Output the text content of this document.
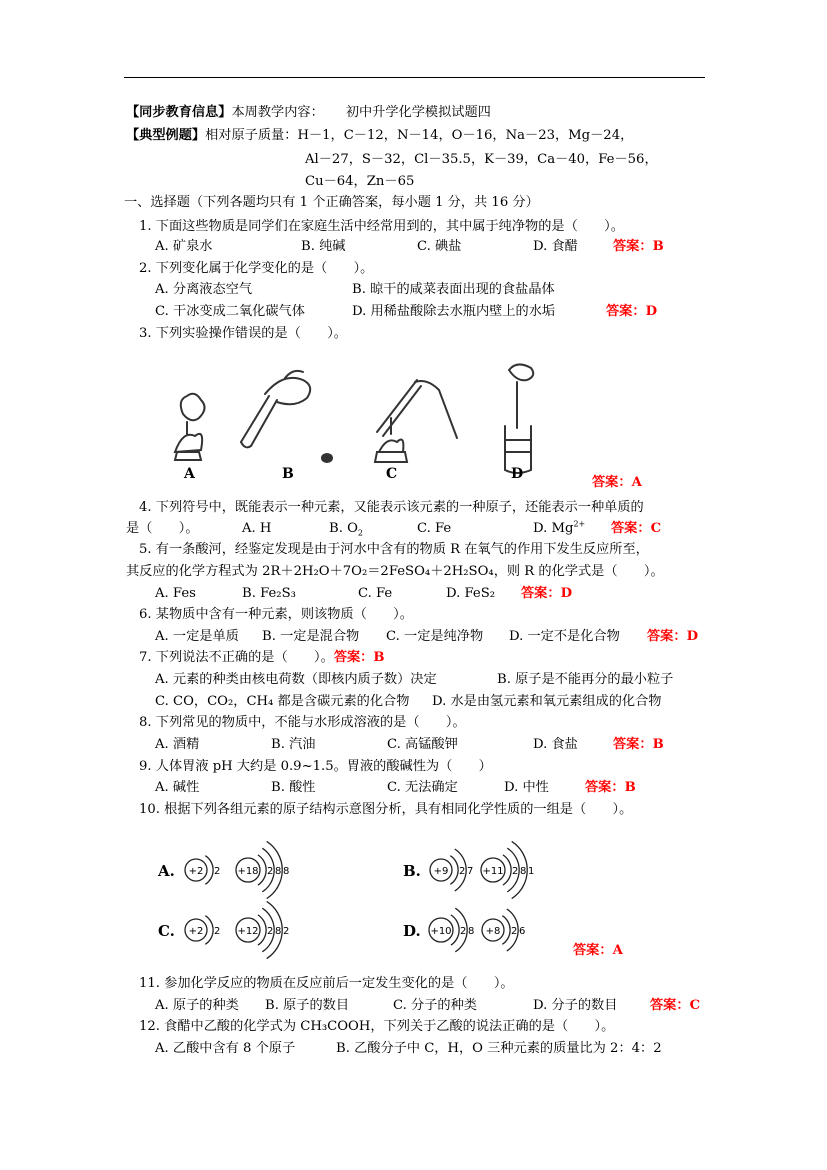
【同步教育信息】本周教学内容： 初中升学化学模拟试题四
【典型例题】相对原子质量：H－1，C－12，N－14，O－16，Na－23，Mg－24，
Al－27，S－32，Cl－35.5，K－39，Ca－40，Fe－56，
Cu－64，Zn－65
一、选择题（下列各题均只有 1 个正确答案，每小题 1 分，共 16 分）
1. 下面这些物质是同学们在家庭生活中经常用到的，其中属于纯净物的是（　　）。
A. 矿泉水	B. 纯碱	C. 碘盐	D. 食醋	答案：B
2. 下列变化属于化学变化的是（　　）。
A. 分离液态空气	B. 晾干的咸菜表面出现的食盐晶体
C. 干冰变成二氧化碳气体	D. 用稀盐酸除去水瓶内壁上的水垢	答案：D
3. 下列实验操作错误的是（　　）。
A	B	C	D
答案：A
4. 下列符号中，既能表示一种元素，又能表示该元素的一种原子，还能表示一种单质的
是（　　）。	A. H	B. $O_2$	C. Fe	D. $Mg^{2+}$ 答案：C
5. 有一条酸河，经鉴定发现是由于河水中含有的物质 R 在氧气的作用下发生反应所至，
其反应的化学方程式为 2R＋2H₂O＋7O₂＝2FeSO₄＋2H₂SO₄，则 R 的化学式是（　　）。
A. Fes	B. Fe₂S₃	C. Fe	D. FeS₂ 答案：D
6. 某物质中含有一种元素，则该物质（　　）。
A. 一定是单质 B. 一定是混合物 C. 一定是纯净物 D. 一定不是化合物 答案：D
7. 下列说法不正确的是（　　）。答案：B
A. 元素的种类由核电荷数（即核内质子数）决定	B. 原子是不能再分的最小粒子
C. CO，CO₂，CH₄ 都是含碳元素的化合物 D. 水是由氢元素和氧元素组成的化合物
8. 下列常见的物质中，不能与水形成溶液的是（　　）。
A. 酒精	B. 汽油	C. 高锰酸钾	D. 食盐	答案：B
9. 人体胃液 pH 大约是 0.9~1.5。胃液的酸碱性为（　　）
A. 碱性	B. 酸性	C. 无法确定	D. 中性	答案：B
10. 根据下列各组元素的原子结构示意图分析，具有相同化学性质的一组是（　　）。
A. +2 2 +18 2 8 8	B. +9 2 7 +11 2 8 1
C. +2 2 +12 2 8 2	D. +10 2 8 +8 2 6
答案：A
11. 参加化学反应的物质在反应前后一定发生变化的是（　　）。
A. 原子的种类 B. 原子的数目	C. 分子的种类	D. 分子的数目 答案：C
12. 食醋中乙酸的化学式为 CH₃COOH，下列关于乙酸的说法正确的是（　　）。
A. 乙酸中含有 8 个原子	B. 乙酸分子中 C，H，O 三种元素的质量比为 2：4：2
